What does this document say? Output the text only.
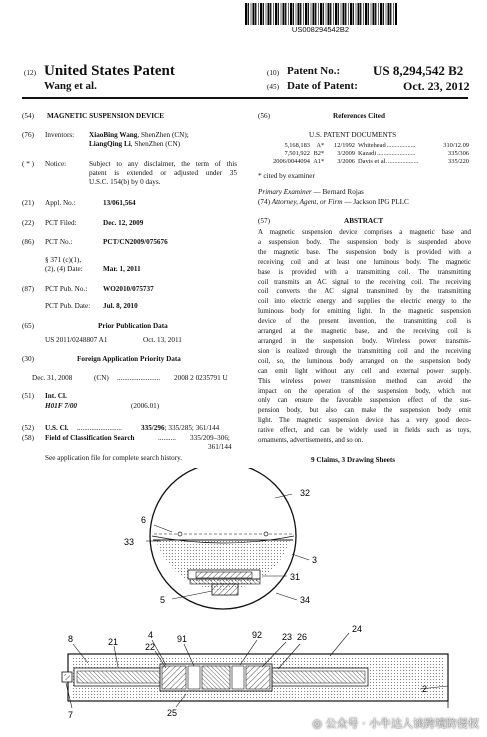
US008294542B2
(12) United States Patent
Wang et al.
(10) Patent No.:	US 8,294,542 B2
(45) Date of Patent:	Oct. 23, 2012
(54) MAGNETIC SUSPENSION DEVICE
(76) Inventors: XiaoBing Wang, ShenZhen (CN);
LiangQing Li, ShenZhen (CN)
( * ) Notice:	Subject to any disclaimer, the term of this
patent is extended or adjusted under 35
U.S.C. 154(b) by 0 days.
(21) Appl. No.:	13/061,564
(22) PCT Filed:	Dec. 12, 2009
(86) PCT No.:	PCT/CN2009/075676
§ 371 (c)(1),
(2), (4) Date:	Mar. 1, 2011
(87) PCT Pub. No.: WO2010/075737
PCT Pub. Date: Jul. 8, 2010
(65)	Prior Publication Data
US 2011/0248807 A1	Oct. 13, 2011
(30)	Foreign Application Priority Data
Dec. 31, 2008	(CN) ........................ 2008 2 0235791 U
(51) Int. Cl.
H01F 7/00	(2006.01)
(52) U.S. Cl. .........................	335/296; 335/285; 361/144
(58) Field of Classification Search	.......... 335/209–306;
361/144
See application file for complete search history.
(56)	References Cited
U.S. PATENT DOCUMENTS
5,168,183 A *	12/1992 Whitehead ..................	310/12.09
7,501,922 B2 *	3/2009 Kazadi ........................	335/306
2006/0044094 A1 *	3/2006 Davis et al. ...................	335/220
* cited by examiner
Primary Examiner — Bernard Rojas
(74) Attorney, Agent, or Firm — Jackson IPG PLLC
(57)	ABSTRACT
A magnetic suspension device comprises a magnetic base and
a suspension body. The suspension body is suspended above
the magnetic base. The suspension body is provided with a
receiving coil and at least one luminous body. The magnetic
base is provided with a transmitting coil. The transmitting
coil transmits an AC signal to the receiving coil. The receiving
coil converts the AC signal transmitted by the transmitting
coil into electric energy and supplies the electric energy to the
luminous body for emitting light. In the magnetic suspension
device of the present invention, the transmitting coil is
arranged at the magnetic base, and the receiving coil is
arranged in the suspension body. Wireless power transmis-
sion is realized through the transmitting coil and the receiving
coil, so, the luminous body arranged on the suspension body
can emit light without any cell and external power supply.
This wireless power transmission method can avoid the
impact on the operation of the suspension body, which not
only can ensure the favorable suspension effect of the sus-
pension body, but also can make the suspension body emit
light. The magnetic suspension device has a very good deco-
rative effect, and can be widely used in fields such as toys,
ornaments, advertisements, and so on.
9 Claims, 3 Drawing Sheets
32
6
33
3
31
5	34
8	21
4
22
91	92 23 26
24
2
7	25
◎ 公众号 · 小牛达人谈跨境防侵权
